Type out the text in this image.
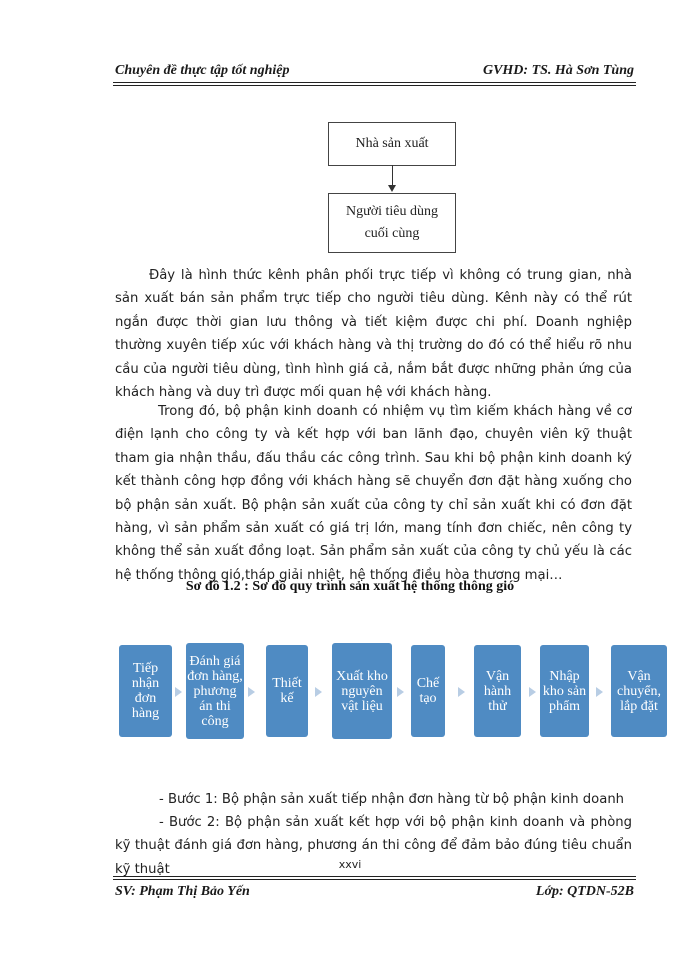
Chuyên đề thực tập tốt nghiệp	GVHD: TS. Hà Sơn Tùng
Nhà sản xuất
Người tiêu dùng
cuối cùng
Đây là hình thức kênh phân phối trực tiếp vì không có trung gian, nhà sản xuất bán sản phẩm trực tiếp cho người tiêu dùng. Kênh này có thể rút ngắn được thời gian lưu thông và tiết kiệm được chi phí. Doanh nghiệp thường xuyên tiếp xúc với khách hàng và thị trường do đó có thể hiểu rõ nhu cầu của người tiêu dùng, tình hình giá cả, nắm bắt được những phản ứng của khách hàng và duy trì được mối quan hệ với khách hàng.
Trong đó, bộ phận kinh doanh có nhiệm vụ tìm kiếm khách hàng về cơ điện lạnh cho công ty và kết hợp với ban lãnh đạo, chuyên viên kỹ thuật tham gia nhận thầu, đấu thầu các công trình. Sau khi bộ phận kinh doanh ký kết thành công hợp đồng với khách hàng sẽ chuyển đơn đặt hàng xuống cho bộ phận sản xuất. Bộ phận sản xuất của công ty chỉ sản xuất khi có đơn đặt hàng, vì sản phẩm sản xuất có giá trị lớn, mang tính đơn chiếc, nên công ty không thể sản xuất đồng loạt. Sản phẩm sản xuất của công ty chủ yếu là các hệ thống thông gió,tháp giải nhiệt, hệ thống điều hòa thương mại…
Sơ đồ 1.2 : Sơ đồ quy trình sản xuất hệ thống thông gió
Tiếp nhận đơn hàng
Đánh giá đơn hàng, phương án thi công
Thiết kế
Xuất kho nguyên vật liệu
Chế tạo
Vận hành thử
Nhập kho sản phẩm
Vận chuyển, lắp đặt
- Bước 1: Bộ phận sản xuất tiếp nhận đơn hàng từ bộ phận kinh doanh
- Bước 2: Bộ phận sản xuất kết hợp với bộ phận kinh doanh và phòng kỹ thuật đánh giá đơn hàng, phương án thi công để đảm bảo đúng tiêu chuẩn kỹ thuật	xxvi
SV: Phạm Thị Bảo Yến	Lớp: QTDN-52B
